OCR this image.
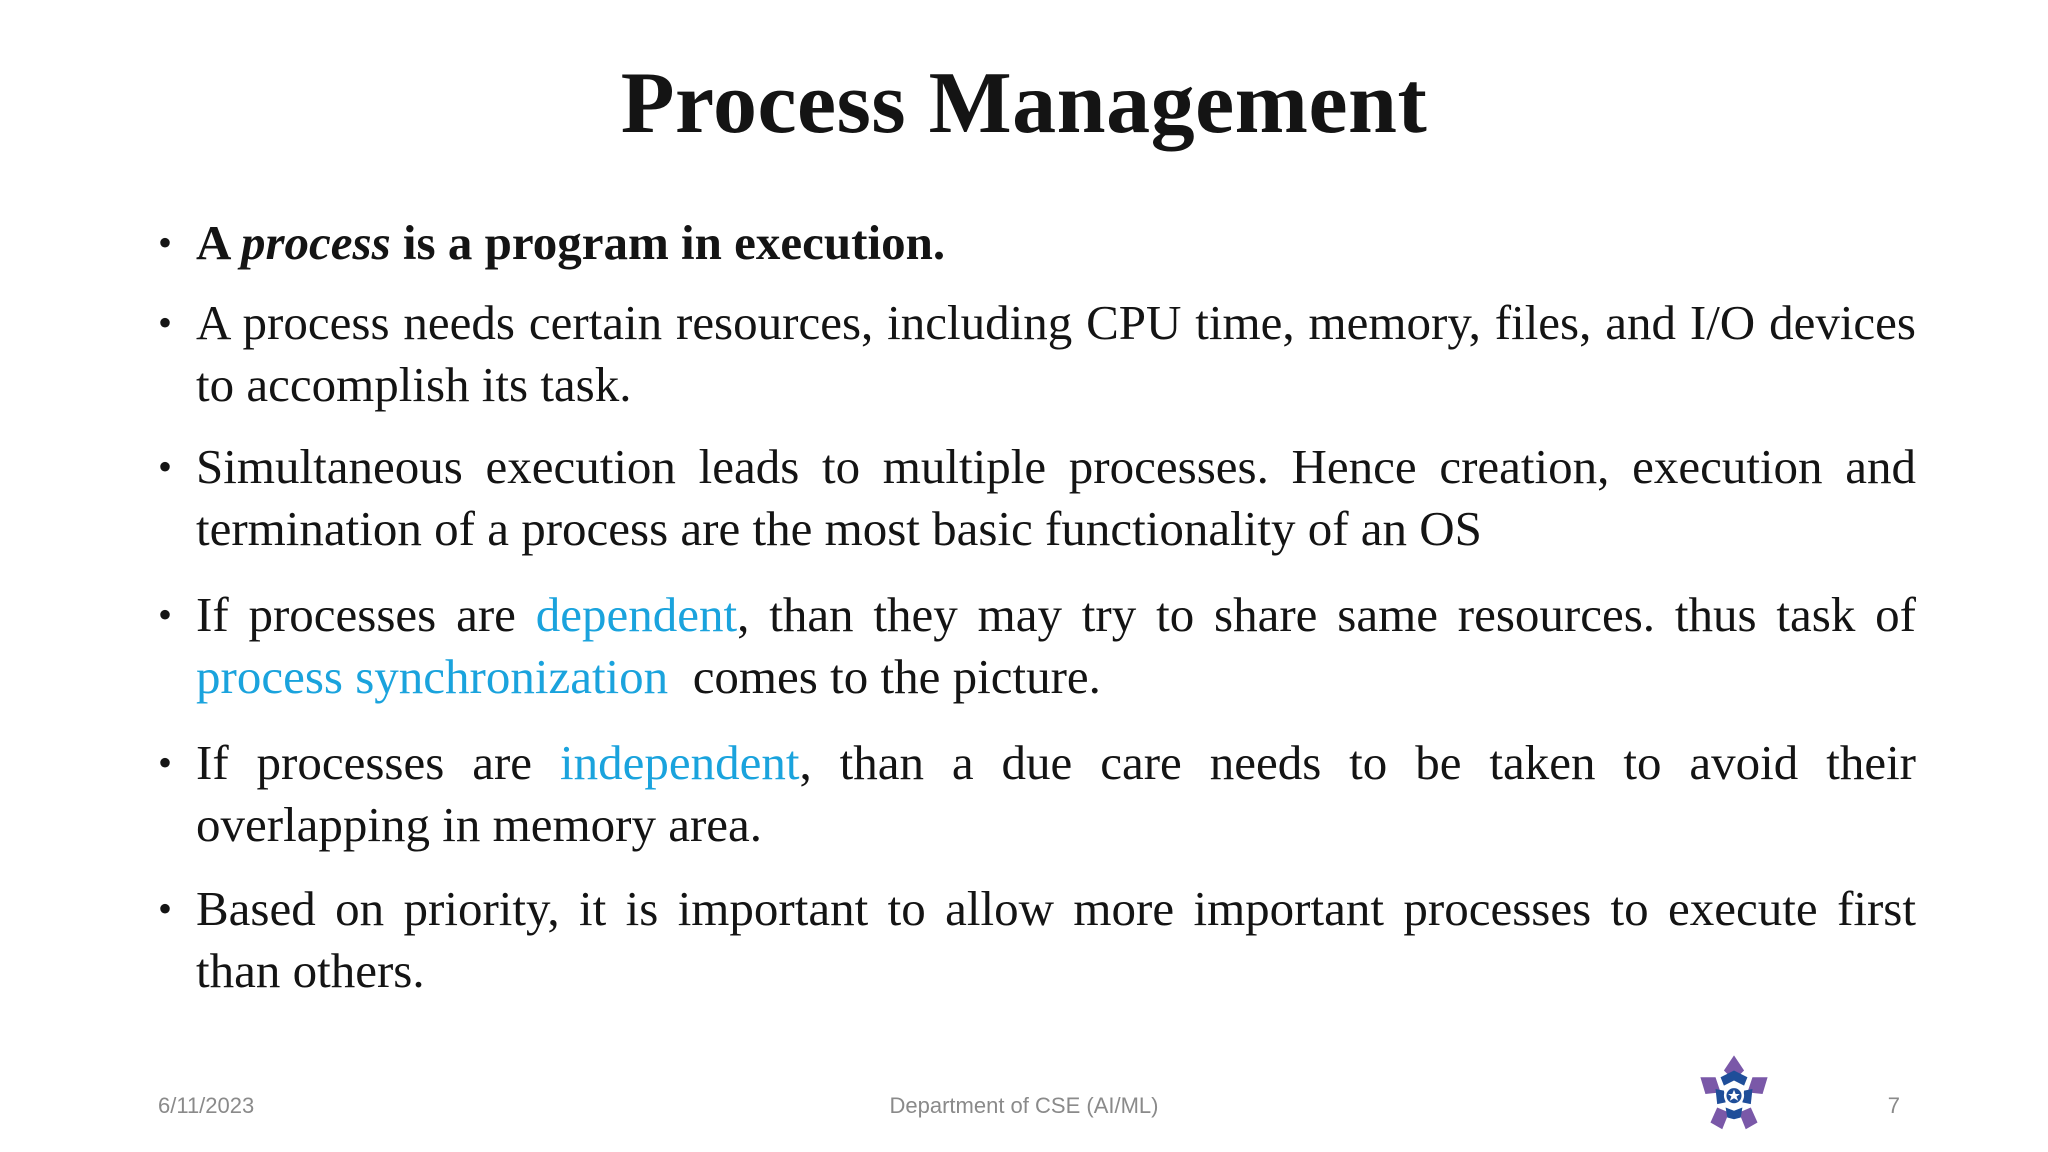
Process Management
• A process is a program in execution.
• A process needs certain resources, including CPU time, memory, files, and I/O devices to accomplish its task.
• Simultaneous execution leads to multiple processes. Hence creation, execution and termination of a process are the most basic functionality of an OS
• If processes are dependent, than they may try to share same resources. thus task of process synchronization  comes to the picture.
• If processes are independent, than a due care needs to be taken to avoid their overlapping in memory area.
• Based on priority, it is important to allow more important processes to execute first than others.
6/11/2023	Department of CSE (AI/ML)	7
